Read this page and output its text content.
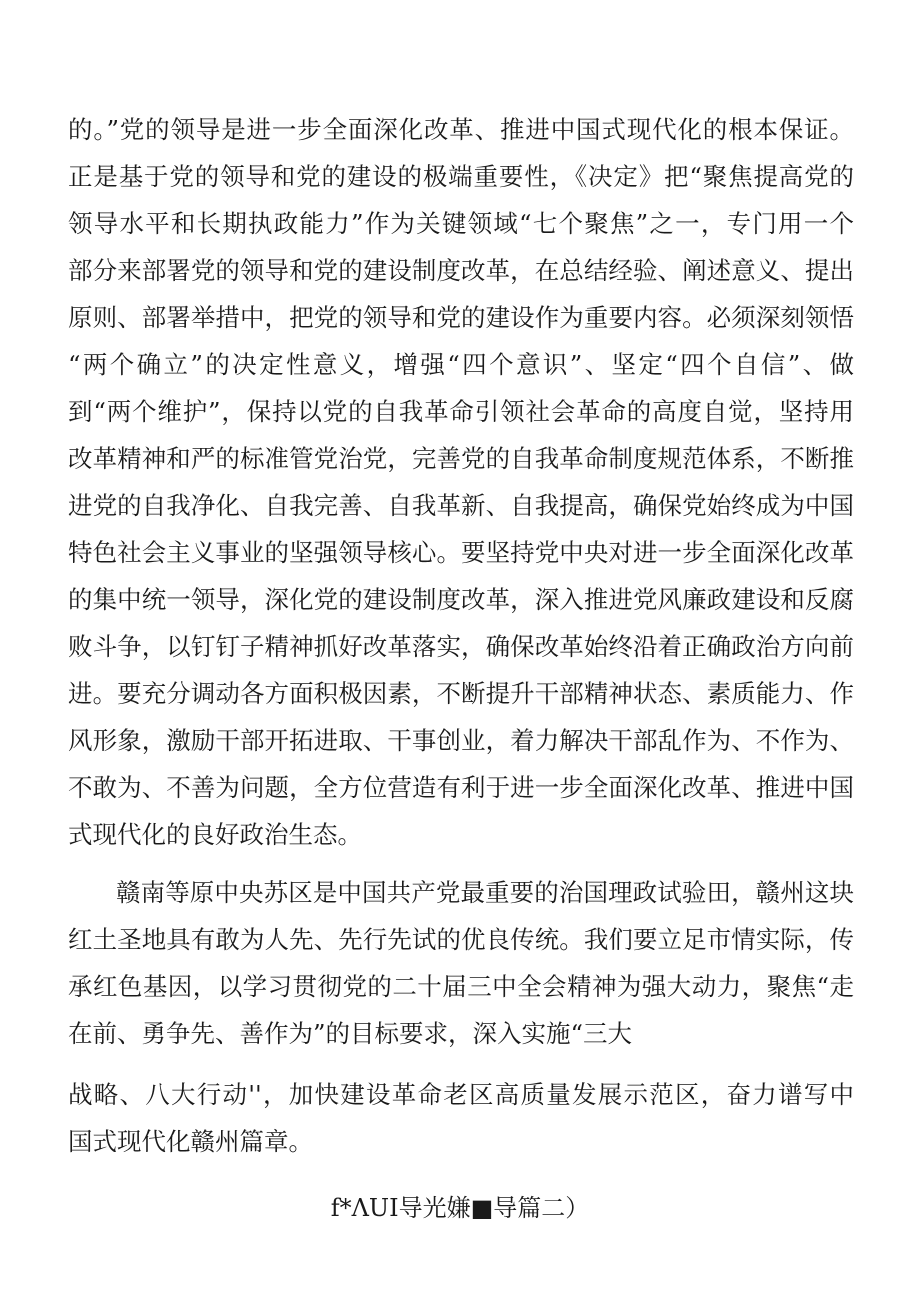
的。”党的领导是进一步全面深化改革、推进中国式现代化的根本保证。
正是基于党的领导和党的建设的极端重要性，《决定》把“聚焦提高党的
领导水平和长期执政能力”作为关键领域“七个聚焦”之一，专门用一个
部分来部署党的领导和党的建设制度改革，在总结经验、阐述意义、提出
原则、部署举措中，把党的领导和党的建设作为重要内容。必须深刻领悟
“两个确立”的决定性意义，增强“四个意识”、坚定“四个自信”、做
到“两个维护”，保持以党的自我革命引领社会革命的高度自觉，坚持用
改革精神和严的标准管党治党，完善党的自我革命制度规范体系，不断推
进党的自我净化、自我完善、自我革新、自我提高，确保党始终成为中国
特色社会主义事业的坚强领导核心。要坚持党中央对进一步全面深化改革
的集中统一领导，深化党的建设制度改革，深入推进党风廉政建设和反腐
败斗争，以钉钉子精神抓好改革落实，确保改革始终沿着正确政治方向前
进。要充分调动各方面积极因素，不断提升干部精神状态、素质能力、作
风形象，激励干部开拓进取、干事创业，着力解决干部乱作为、不作为、
不敢为、不善为问题，全方位营造有利于进一步全面深化改革、推进中国
式现代化的良好政治生态。
赣南等原中央苏区是中国共产党最重要的治国理政试验田，赣州这块
红土圣地具有敢为人先、先行先试的优良传统。我们要立足市情实际，传
承红色基因，以学习贯彻党的二十届三中全会精神为强大动力，聚焦“走
在前、勇争先、善作为”的目标要求，深入实施“三大
战略、八大行动''，加快建设革命老区高质量发展示范区，奋力谱写中
国式现代化赣州篇章。
f*ΛUI导光嫌■导篇二）
